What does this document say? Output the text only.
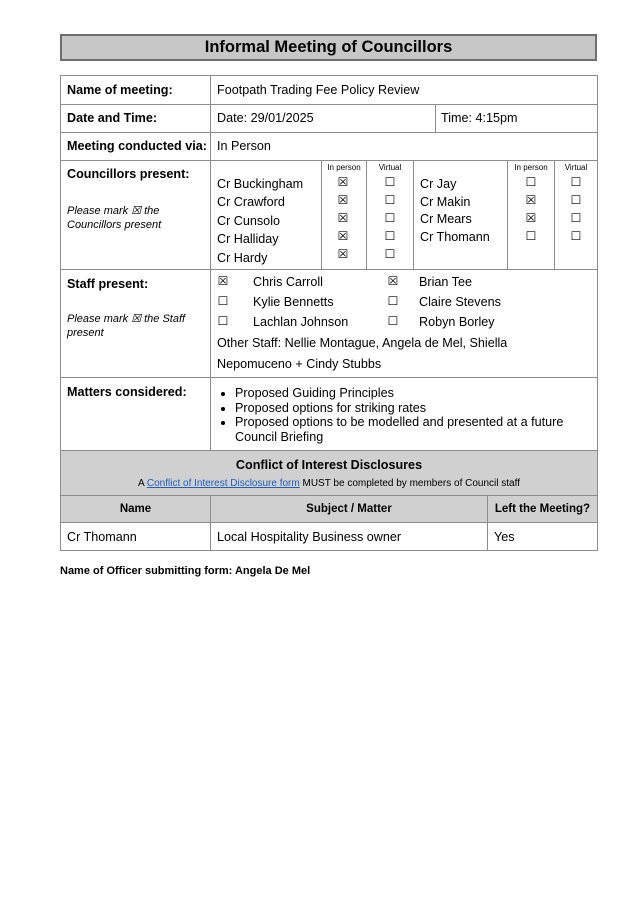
Informal Meeting of Councillors
Name of meeting:	Footpath Trading Fee Policy Review
Date and Time:	Date: 29/01/2025	Time: 4:15pm
Meeting conducted via: In Person
Councillors present:
Please mark ☒ the Councillors present
In person	Virtual	In person	Virtual
Cr Buckingham	☒	☐
Cr Crawford	☒	☐
Cr Cunsolo	☒	☐
Cr Halliday	☒	☐
Cr Hardy	☒	☐
Cr Jay	☐	☐
Cr Makin	☒	☐
Cr Mears	☒	☐
Cr Thomann	☐	☐
Staff present:
Please mark ☒ the Staff present
☒ Chris Carroll
☐ Kylie Bennetts
☐ Lachlan Johnson
☒ Brian Tee
☐ Claire Stevens
☐ Robyn Borley
Other Staff: Nellie Montague, Angela de Mel, Shiella
Nepomuceno + Cindy Stubbs
Matters considered:
•	Proposed Guiding Principles
• Proposed options for striking rates
• Proposed options to be modelled and presented at a future Council Briefing
Conflict of Interest Disclosures
A Conflict of Interest Disclosure form MUST be completed by members of Council staff
Name	Subject / Matter	Left the Meeting?
Cr Thomann	Local Hospitality Business owner	Yes
Name of Officer submitting form: Angela De Mel
